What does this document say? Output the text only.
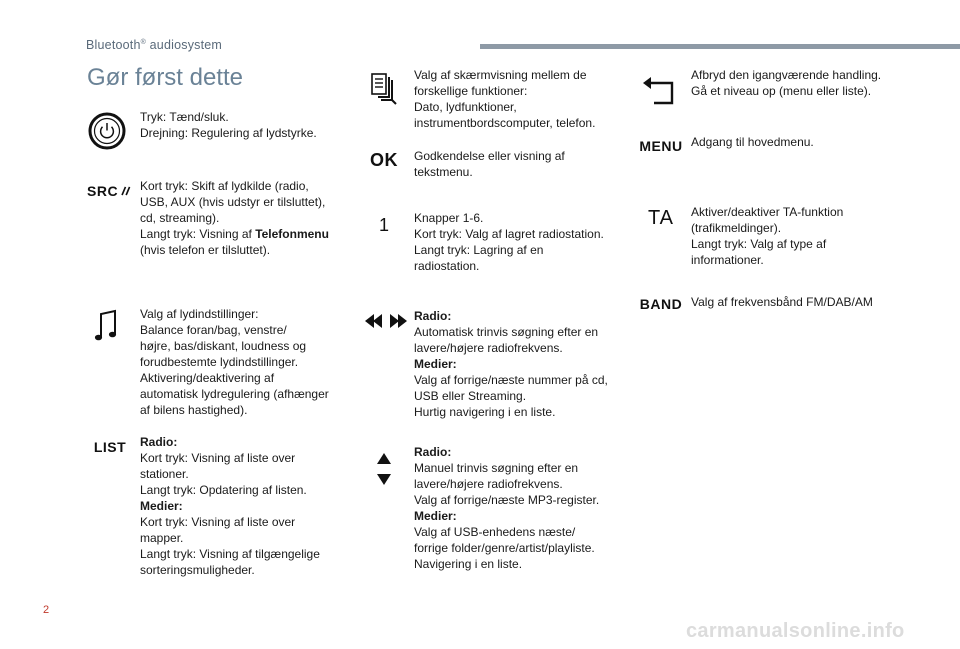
Bluetooth® audiosystem
Gør først dette
Tryk: Tænd/sluk.
Drejning: Regulering af lydstyrke.
SRC Kort tryk: Skift af lydkilde (radio,
USB, AUX (hvis udstyr er tilsluttet),
cd, streaming).
Langt tryk: Visning af Telefonmenu
(hvis telefon er tilsluttet).
Valg af lydindstillinger:
Balance foran/bag, venstre/
højre, bas/diskant, loudness og
forudbestemte lydindstillinger.
Aktivering/deaktivering af
automatisk lydregulering (afhænger
af bilens hastighed).
LIST Radio:
Kort tryk: Visning af liste over
stationer.
Langt tryk: Opdatering af listen.
Medier:
Kort tryk: Visning af liste over
mapper.
Langt tryk: Visning af tilgængelige
sorteringsmuligheder.
Valg af skærmvisning mellem de
forskellige funktioner:
Dato, lydfunktioner,
instrumentbordscomputer, telefon.
OK Godkendelse eller visning af
tekstmenu.
1 Knapper 1-6.
Kort tryk: Valg af lagret radiostation.
Langt tryk: Lagring af en
radiostation.
Radio:
Automatisk trinvis søgning efter en
lavere/højere radiofrekvens.
Medier:
Valg af forrige/næste nummer på cd,
USB eller Streaming.
Hurtig navigering i en liste.
Radio:
Manuel trinvis søgning efter en
lavere/højere radiofrekvens.
Valg af forrige/næste MP3-register.
Medier:
Valg af USB-enhedens næste/
forrige folder/genre/artist/playliste.
Navigering i en liste.
Afbryd den igangværende handling.
Gå et niveau op (menu eller liste).
MENU Adgang til hovedmenu.
TA Aktiver/deaktiver TA-funktion
(trafikmeldinger).
Langt tryk: Valg af type af
informationer.
BAND Valg af frekvensbånd FM/DAB/AM
2
carmanualsonline.info
